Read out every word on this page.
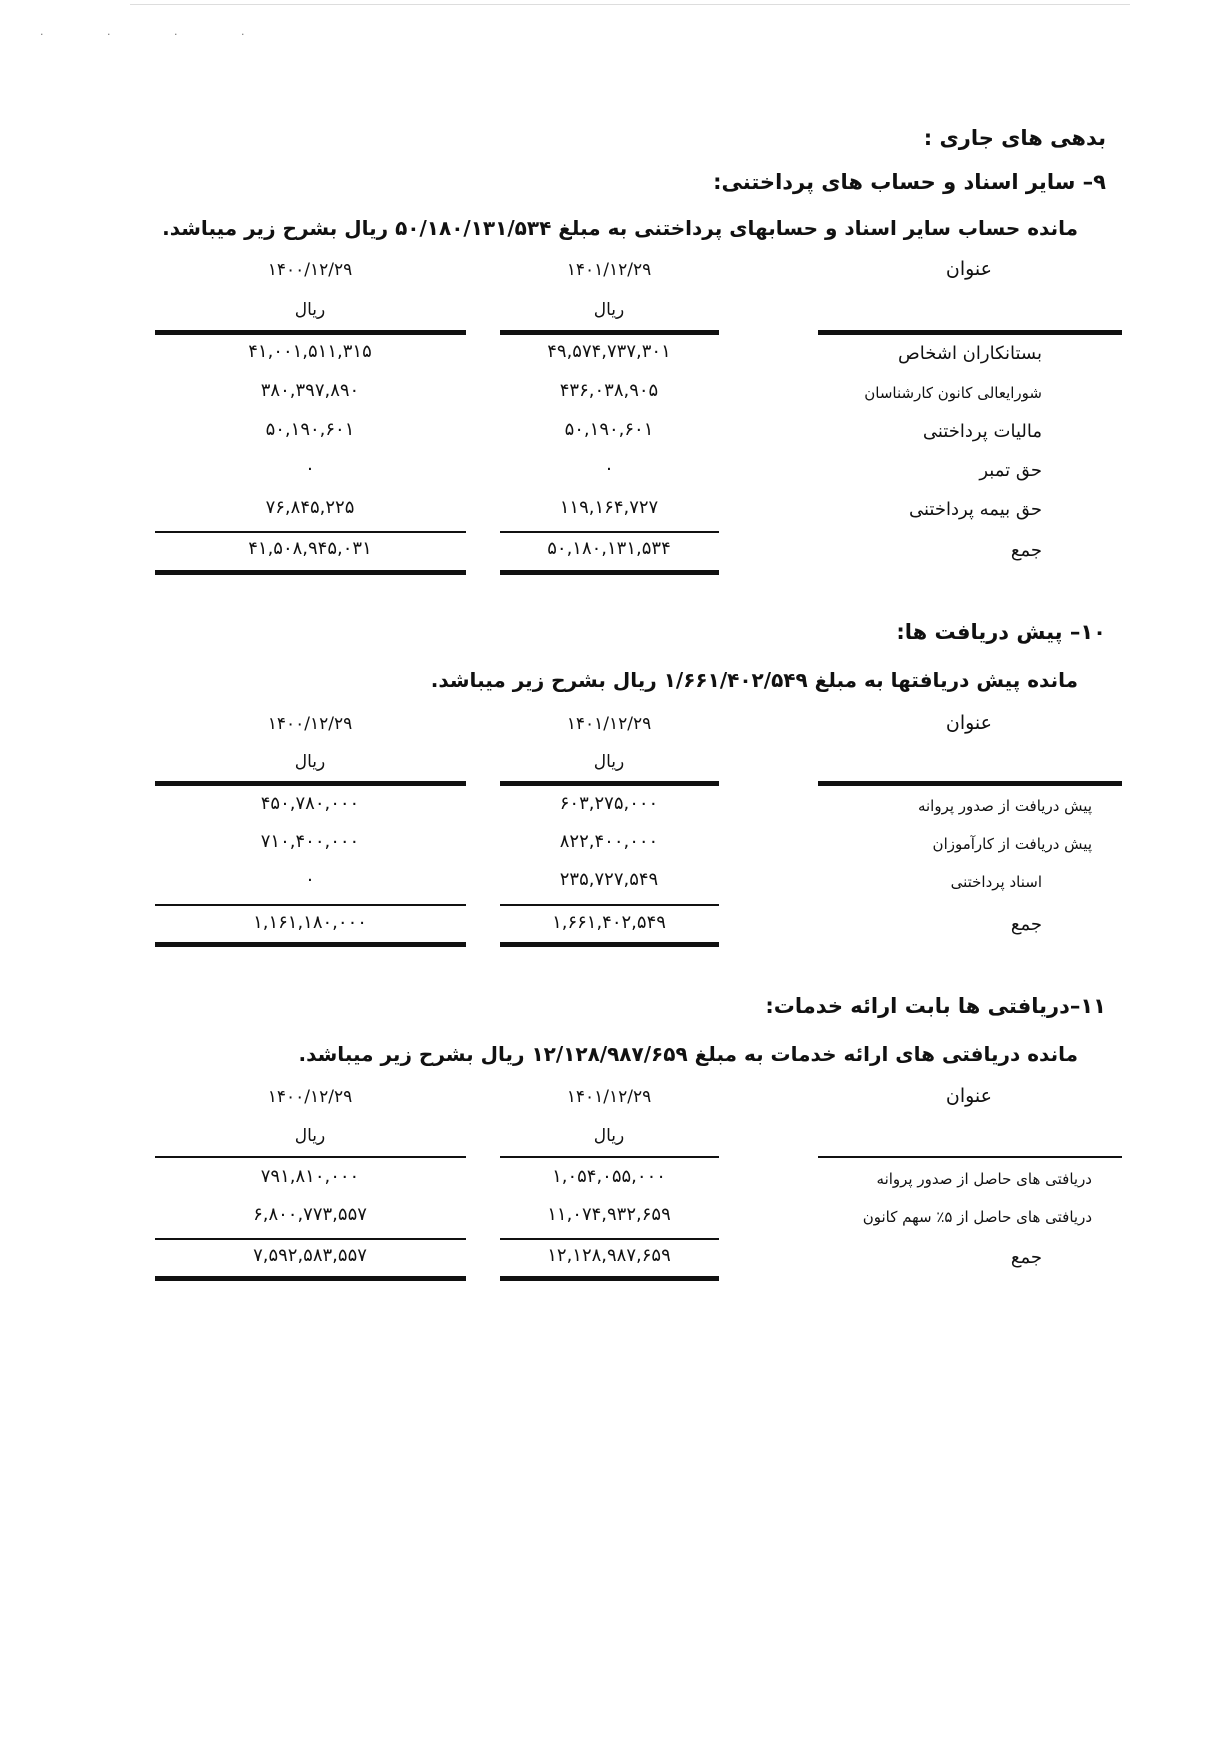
· · · ·
بدهی های جاری :
۹– سایر اسناد و حساب های پرداختنی:
مانده حساب سایر اسناد و حسابهای پرداختنی به مبلغ ۵۰/۱۸۰/۱۳۱/۵۳۴ ریال بشرح زیر میباشد.
عنوان
۱۴۰۱/۱۲/۲۹
۱۴۰۰/۱۲/۲۹
ریال
ریال
۴۱,۰۰۱,۵۱۱,۳۱۵	۴۹,۵۷۴,۷۳۷,۳۰۱	بستانکاران اشخاص
۳۸۰,۳۹۷,۸۹۰	۴۳۶,۰۳۸,۹۰۵	شورایعالی کانون کارشناسان
۵۰,۱۹۰,۶۰۱	۵۰,۱۹۰,۶۰۱	مالیات پرداختنی
۰	۰	حق تمبر
۷۶,۸۴۵,۲۲۵	۱۱۹,۱۶۴,۷۲۷	حق بیمه پرداختنی
۴۱,۵۰۸,۹۴۵,۰۳۱	۵۰,۱۸۰,۱۳۱,۵۳۴	جمع
۱۰– پیش دریافت ها:
مانده پیش دریافتها به مبلغ ۱/۶۶۱/۴۰۲/۵۴۹ ریال بشرح زیر میباشد.
عنوان
۱۴۰۱/۱۲/۲۹
۱۴۰۰/۱۲/۲۹
ریال
ریال
۴۵۰,۷۸۰,۰۰۰	۶۰۳,۲۷۵,۰۰۰	پیش دریافت از صدور پروانه
۷۱۰,۴۰۰,۰۰۰	۸۲۲,۴۰۰,۰۰۰	پیش دریافت از کارآموزان
۰	۲۳۵,۷۲۷,۵۴۹	اسناد پرداختنی
۱,۱۶۱,۱۸۰,۰۰۰	۱,۶۶۱,۴۰۲,۵۴۹	جمع
۱۱–دریافتی ها بابت ارائه خدمات:
مانده دریافتی های ارائه خدمات به مبلغ ۱۲/۱۲۸/۹۸۷/۶۵۹ ریال بشرح زیر میباشد.
عنوان
۱۴۰۱/۱۲/۲۹
۱۴۰۰/۱۲/۲۹
ریال
ریال
۷۹۱,۸۱۰,۰۰۰	۱,۰۵۴,۰۵۵,۰۰۰	دریافتی های حاصل از صدور پروانه
۶,۸۰۰,۷۷۳,۵۵۷	۱۱,۰۷۴,۹۳۲,۶۵۹	دریافتی های حاصل از ۵٪ سهم کانون
۷,۵۹۲,۵۸۳,۵۵۷	۱۲,۱۲۸,۹۸۷,۶۵۹	جمع
